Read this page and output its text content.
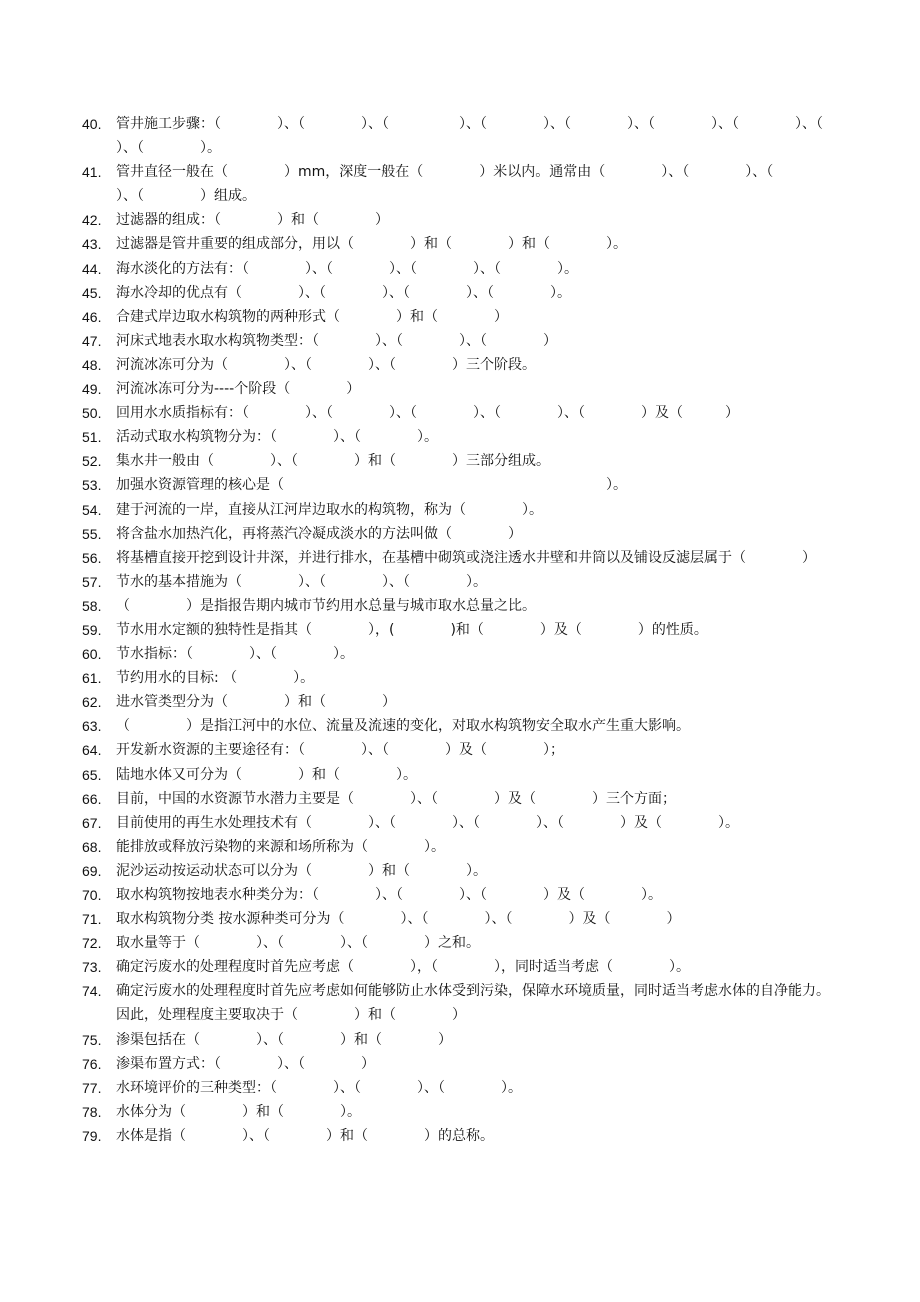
40.	管井施工步骤：（　　　　）、（　　　　）、（　　　　　）、（　　　　）、（　　　　）、（　　　　）、（　　　　）、（　　　　）、（　　　　）。
41.	管井直径一般在（　　　　）mm，深度一般在（　　　　）米以内。通常由（　　　　）、（　　　　）、（　　　　）、（　　　　）组成。
42.	过滤器的组成：（　　　　）和（　　　　）
43.	过滤器是管井重要的组成部分，用以（　　　　）和（　　　　）和（　　　　）。
44.	海水淡化的方法有：（　　　　）、（　　　　）、（　　　　）、（　　　　）。
45.	海水冷却的优点有（　　　　）、（　　　　）、（　　　　）、（　　　　）。
46.	合建式岸边取水构筑物的两种形式（　　　　）和（　　　　）
47.	河床式地表水取水构筑物类型：（　　　　）、（　　　　）、（　　　　）
48.	河流冰冻可分为（　　　　）、（　　　　）、（　　　　）三个阶段。
49.	河流冰冻可分为----个阶段（　　　　）
50.	回用水水质指标有：（　　　　）、（　　　　）、（　　　　）、（　　　　）、（　　　　）及（　　　）
51.	活动式取水构筑物分为：（　　　　）、（　　　　）。
52.	集水井一般由（　　　　）、（　　　　）和（　　　　）三部分组成。
53.	加强水资源管理的核心是（　　　　　　　　　　　　　　　　　　　　　　　）。
54.	建于河流的一岸，直接从江河岸边取水的构筑物，称为（　　　　）。
55.	将含盐水加热汽化，再将蒸汽冷凝成淡水的方法叫做（　　　　）
56.	将基槽直接开挖到设计井深，并进行排水，在基槽中砌筑或浇注透水井壁和井筒以及铺设反滤层属于（　　　　）
57.	节水的基本措施为（　　　　）、（　　　　）、（　　　　）。
58.	（　　　　）是指报告期内城市节约用水总量与城市取水总量之比。
59.	节水用水定额的独特性是指其（　　　　），(　　　　)和（　　　　）及（　　　　）的性质。
60.	节水指标：（　　　　）、（　　　　）。
61.	节约用水的目标: （　　　　）。
62.	进水管类型分为（　　　　）和（　　　　）
63.	（　　　　）是指江河中的水位、流量及流速的变化，对取水构筑物安全取水产生重大影响。
64.	开发新水资源的主要途径有：（　　　　）、（　　　　）及（　　　　）；
65.	陆地水体又可分为（　　　　）和（　　　　）。
66.	目前，中国的水资源节水潜力主要是（　　　　）、（　　　　）及（　　　　）三个方面；
67.	目前使用的再生水处理技术有（　　　　）、（　　　　）、（　　　　）、（　　　　）及（　　　　）。
68.	能排放或释放污染物的来源和场所称为（　　　　）。
69.	泥沙运动按运动状态可以分为（　　　　）和（　　　　）。
70.	取水构筑物按地表水种类分为：（　　　　）、（　　　　）、（　　　　）及（　　　　）。
71.	取水构筑物分类 按水源种类可分为（　　　　）、（　　　　）、（　　　　）及（　　　　）
72.	取水量等于（　　　　）、（　　　　）、（　　　　）之和。
73.	确定污废水的处理程度时首先应考虑（　　　　），（　　　　），同时适当考虑（　　　　）。
74.	确定污废水的处理程度时首先应考虑如何能够防止水体受到污染，保障水环境质量，同时适当考虑水体的自净能力。因此，处理程度主要取决于（　　　　）和（　　　　）
75.	渗渠包括在（　　　　）、（　　　　）和（　　　　）
76.	渗渠布置方式：（　　　　）、（　　　　）
77.	水环境评价的三种类型：（　　　　）、（　　　　）、（　　　　）。
78.	水体分为（　　　　）和（　　　　）。
79.	水体是指（　　　　）、（　　　　）和（　　　　）的总称。
